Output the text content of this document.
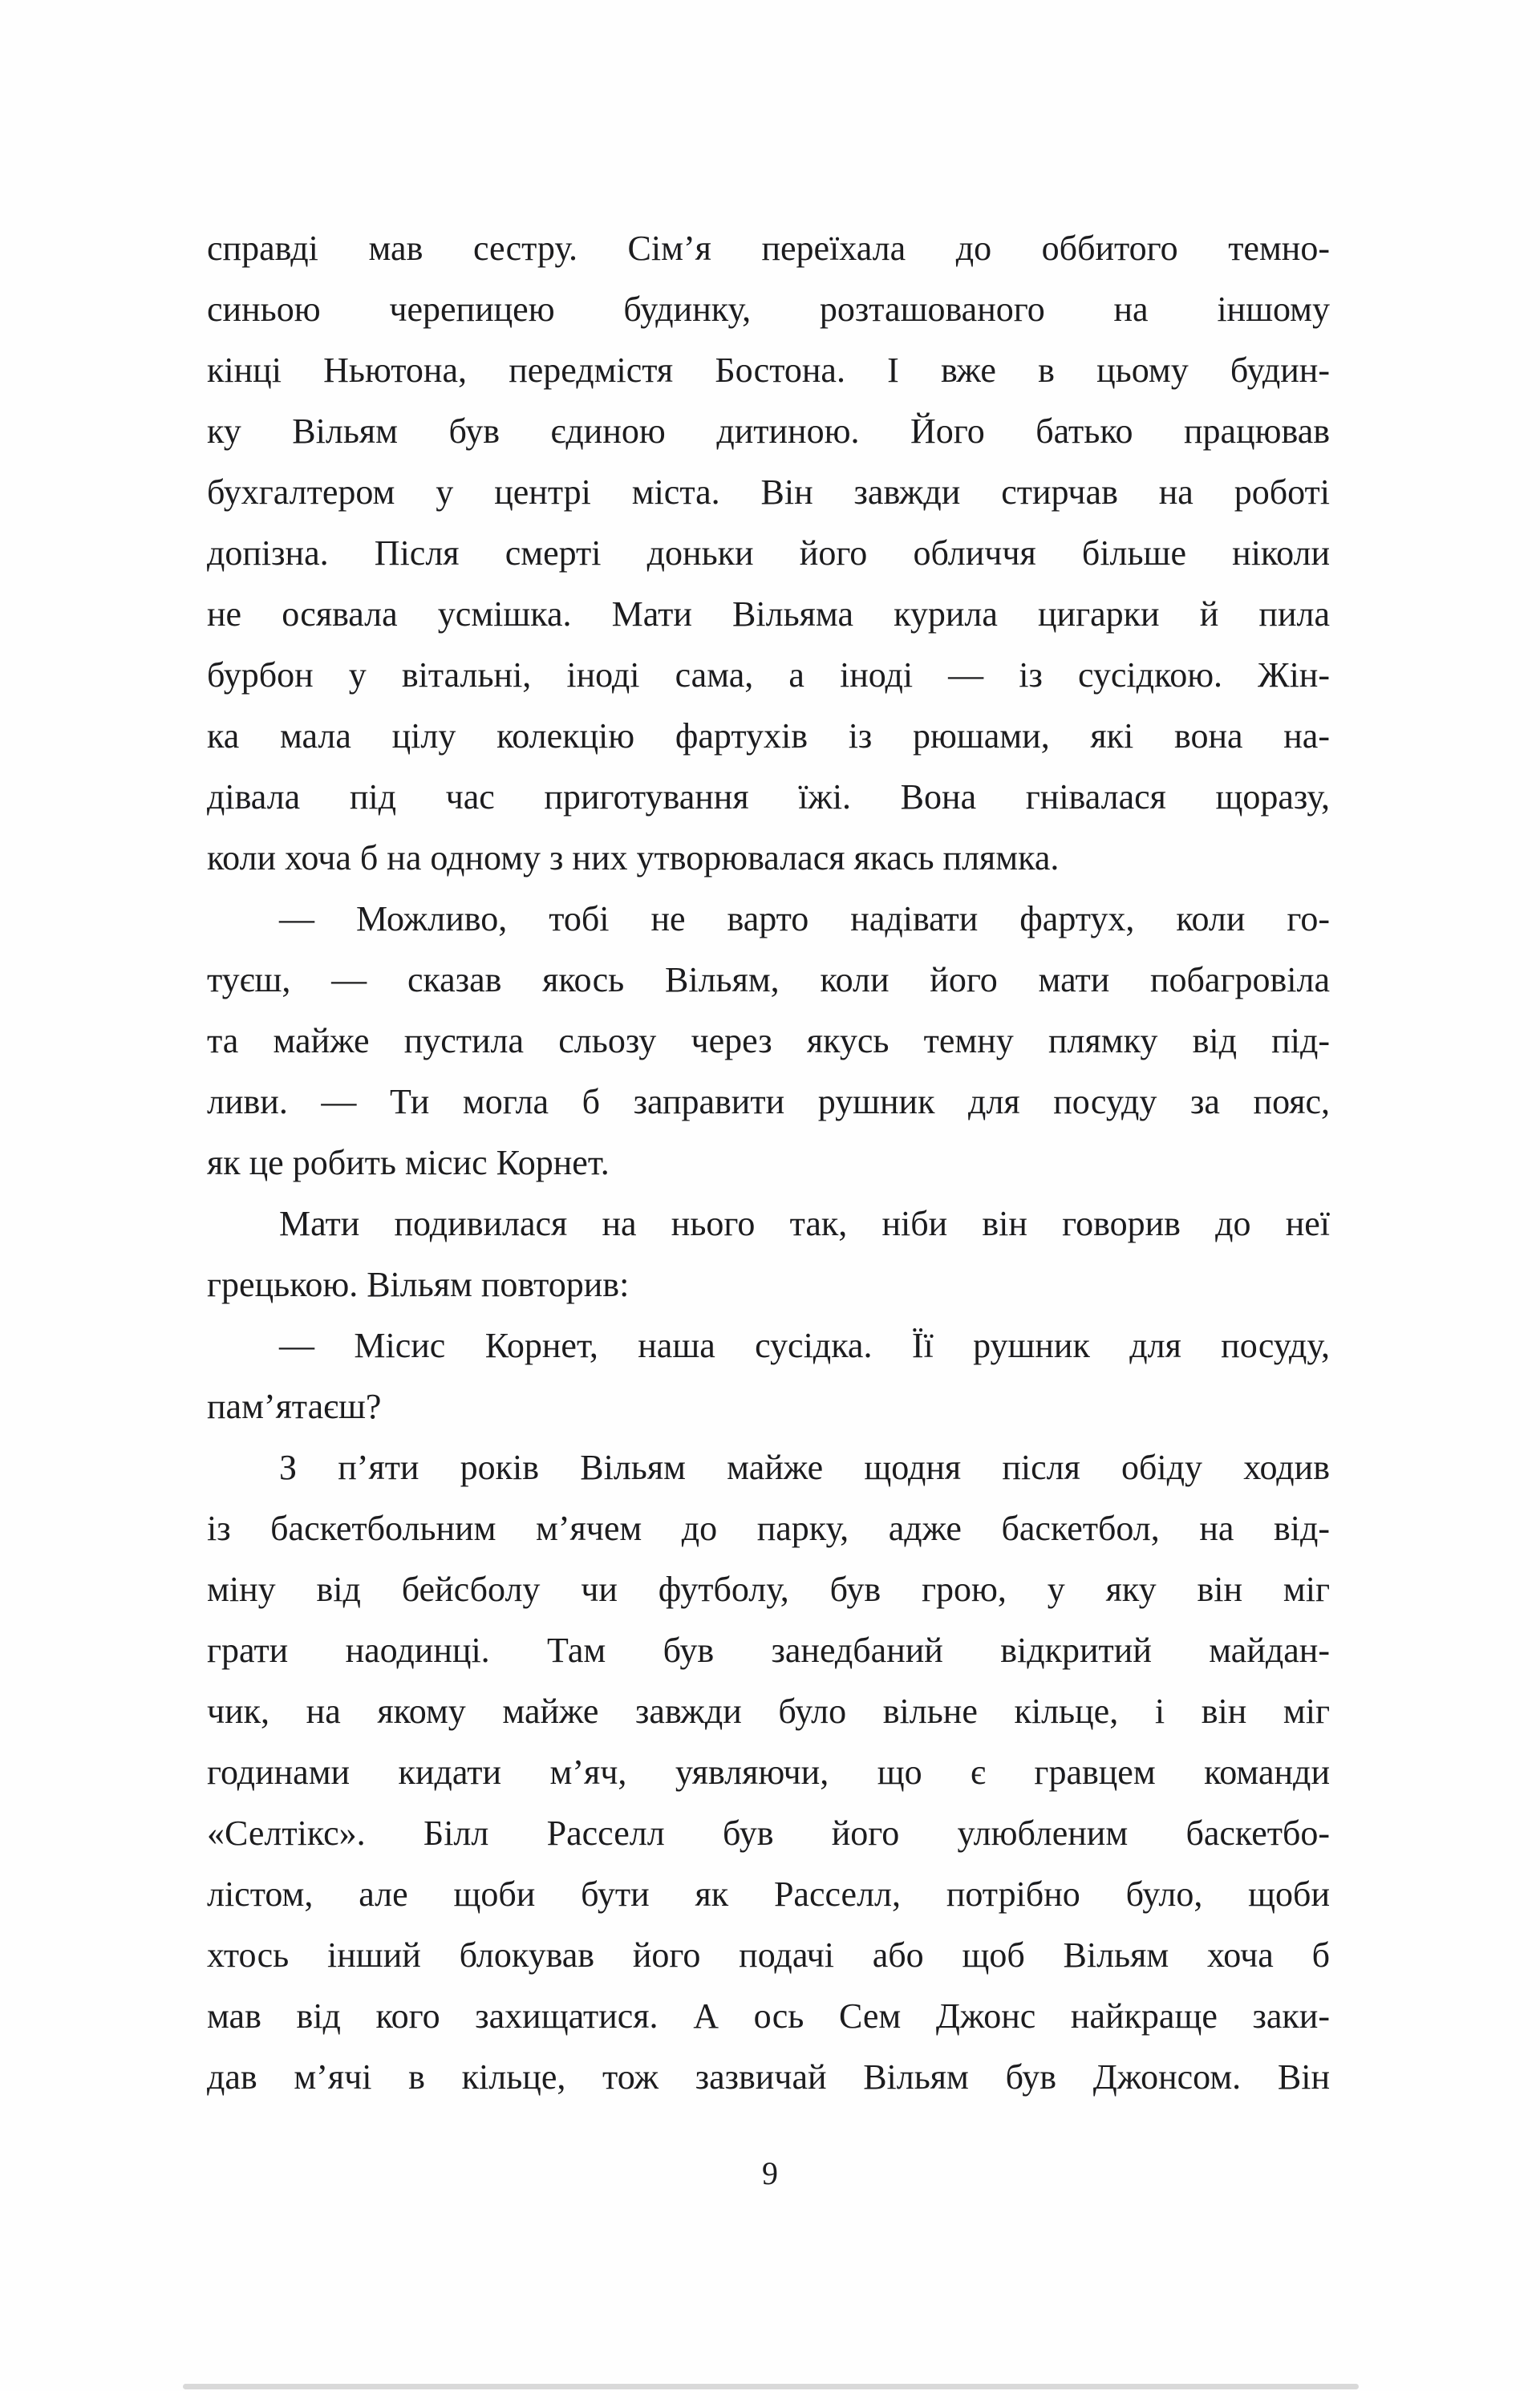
справді мав сестру. Сім’я переїхала до оббитого темно-
синьою черепицею будинку, розташованого на іншому
кінці Ньютона, передмістя Бостона. І вже в цьому будин-
ку Вільям був єдиною дитиною. Його батько працював
бухгалтером у центрі міста. Він завжди стирчав на роботі
допізна. Після смерті доньки його обличчя більше ніколи
не осявала усмішка. Мати Вільяма курила цигарки й пила
бурбон у вітальні, іноді сама, а іноді — із сусідкою. Жін-
ка мала цілу колекцію фартухів із рюшами, які вона на-
дівала під час приготування їжі. Вона гнівалася щоразу,
коли хоча б на одному з них утворювалася якась плямка.

— Можливо, тобі не варто надівати фартух, коли го-
туєш, — сказав якось Вільям, коли його мати побагровіла
та майже пустила сльозу через якусь темну плямку від під-
ливи. — Ти могла б заправити рушник для посуду за пояс,
як це робить місис Корнет.

Мати подивилася на нього так, ніби він говорив до неї
грецькою. Вільям повторив:

— Місис Корнет, наша сусідка. Її рушник для посуду,
пам’ятаєш?

З п’яти років Вільям майже щодня після обіду ходив
із баскетбольним м’ячем до парку, адже баскетбол, на від-
міну від бейсболу чи футболу, був грою, у яку він міг
грати наодинці. Там був занедбаний відкритий майдан-
чик, на якому майже завжди було вільне кільце, і він міг
годинами кидати м’яч, уявляючи, що є гравцем команди
«Селтікс». Білл Расселл був його улюбленим баскетбо-
лістом, але щоби бути як Расселл, потрібно було, щоби
хтось інший блокував його подачі або щоб Вільям хоча б
мав від кого захищатися. А ось Сем Джонс найкраще заки-
дав м’ячі в кільце, тож зазвичай Вільям був Джонсом. Він

9
